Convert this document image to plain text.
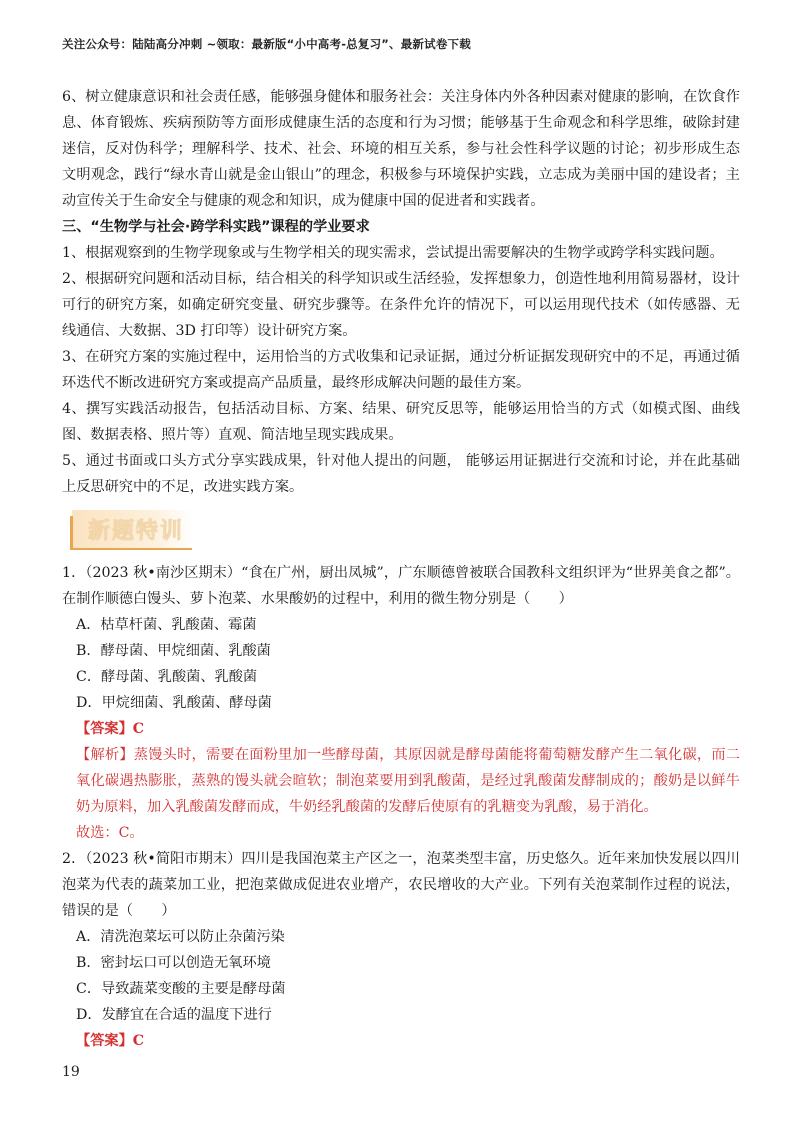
关注公众号：陆陆高分冲刺 ~领取：最新版“小中高考-总复习”、最新试卷下载

6、树立健康意识和社会责任感，能够强身健体和服务社会：关注身体内外各种因素对健康的影响，在饮食作息、体育锻炼、疾病预防等方面形成健康生活的态度和行为习惯；能够基于生命观念和科学思维，破除封建迷信，反对伪科学；理解科学、技术、社会、环境的相互关系，参与社会性科学议题的讨论；初步形成生态文明观念，践行“绿水青山就是金山银山”的理念，积极参与环境保护实践，立志成为美丽中国的建设者；主动宣传关于生命安全与健康的观念和知识，成为健康中国的促进者和实践者。

三、“生物学与社会·跨学科实践”课程的学业要求

1、根据观察到的生物学现象或与生物学相关的现实需求，尝试提出需要解决的生物学或跨学科实践问题。

2、根据研究问题和活动目标，结合相关的科学知识或生活经验，发挥想象力，创造性地利用简易器材，设计可行的研究方案，如确定研究变量、研究步骤等。在条件允许的情况下，可以运用现代技术（如传感器、无线通信、大数据、3D 打印等）设计研究方案。

3、在研究方案的实施过程中，运用恰当的方式收集和记录证据，通过分析证据发现研究中的不足，再通过循环迭代不断改进研究方案或提高产品质量，最终形成解决问题的最佳方案。

4、撰写实践活动报告，包括活动目标、方案、结果、研究反思等，能够运用恰当的方式（如模式图、曲线图、数据表格、照片等）直观、简洁地呈现实践成果。

5、通过书面或口头方式分享实践成果，针对他人提出的问题， 能够运用证据进行交流和讨论，并在此基础上反思研究中的不足，改进实践方案。

新题特训

1．（2023 秋•南沙区期末）“食在广州，厨出凤城”，广东顺德曾被联合国教科文组织评为“世界美食之都”。在制作顺德白馒头、萝卜泡菜、水果酸奶的过程中，利用的微生物分别是（　　）

A．枯草杆菌、乳酸菌、霉菌
B．酵母菌、甲烷细菌、乳酸菌
C．酵母菌、乳酸菌、乳酸菌
D．甲烷细菌、乳酸菌、酵母菌
【答案】C
【解析】蒸馒头时，需要在面粉里加一些酵母菌，其原因就是酵母菌能将葡萄糖发酵产生二氧化碳，而二氧化碳遇热膨胀，蒸熟的馒头就会暄软；制泡菜要用到乳酸菌，是经过乳酸菌发酵制成的；酸奶是以鲜牛奶为原料，加入乳酸菌发酵而成，牛奶经乳酸菌的发酵后使原有的乳糖变为乳酸，易于消化。
故选：C。

2．（2023 秋•简阳市期末）四川是我国泡菜主产区之一，泡菜类型丰富，历史悠久。近年来加快发展以四川泡菜为代表的蔬菜加工业，把泡菜做成促进农业增产，农民增收的大产业。下列有关泡菜制作过程的说法，错误的是（　　）

A．清洗泡菜坛可以防止杂菌污染
B．密封坛口可以创造无氧环境
C．导致蔬菜变酸的主要是酵母菌
D．发酵宜在合适的温度下进行
【答案】C
19
